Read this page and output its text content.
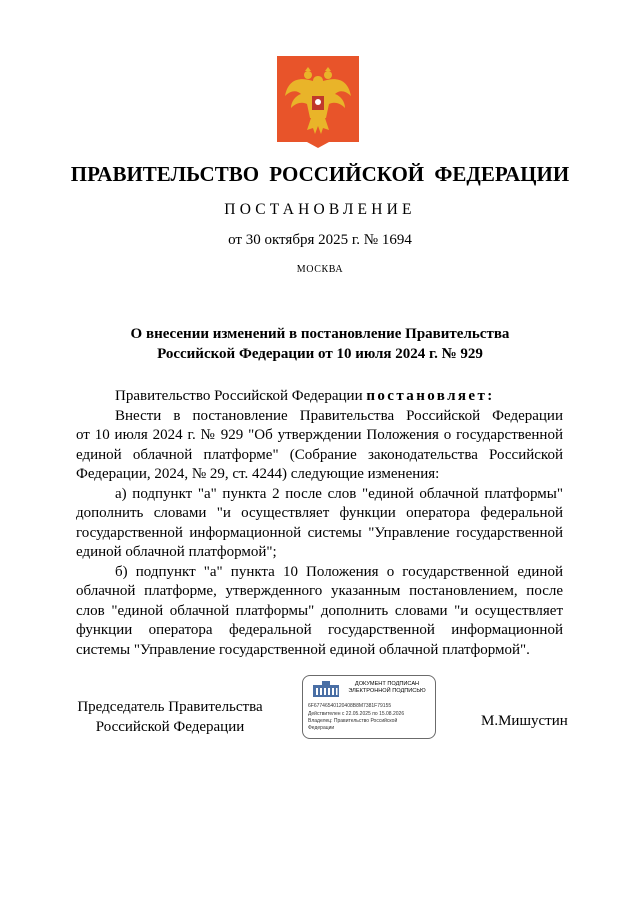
ПРАВИТЕЛЬСТВО РОССИЙСКОЙ ФЕДЕРАЦИИ
ПОСТАНОВЛЕНИЕ
от 30 октября 2025 г. № 1694
МОСКВА
О внесении изменений в постановление Правительства
Российской Федерации от 10 июля 2024 г. № 929
Правительство Российской Федерации постановляет:
Внести в постановление Правительства Российской Федерации
от 10 июля 2024 г. № 929 "Об утверждении Положения о государственной
единой облачной платформе" (Собрание законодательства Российской
Федерации, 2024, № 29, ст. 4244) следующие изменения:
а) подпункт "а" пункта 2 после слов "единой облачной платформы"
дополнить словами "и осуществляет функции оператора федеральной
государственной информационной системы "Управление государственной
единой облачной платформой";
б) подпункт "а" пункта 10 Положения о государственной единой
облачной платформе, утвержденного указанным постановлением, после
слов "единой облачной платформы" дополнить словами "и осуществляет
функции оператора федеральной государственной информационной
системы "Управление государственной единой облачной платформой".
Председатель Правительства
Российской Федерации
ДОКУМЕНТ ПОДПИСАН
ЭЛЕКТРОННОЙ ПОДПИСЬЮ
6F67746540120408B8M7381F79155
Действителен с 22.05.2025 по 15.08.2026
Владелец: Правительство Российской
Федерации	М.Мишустин
